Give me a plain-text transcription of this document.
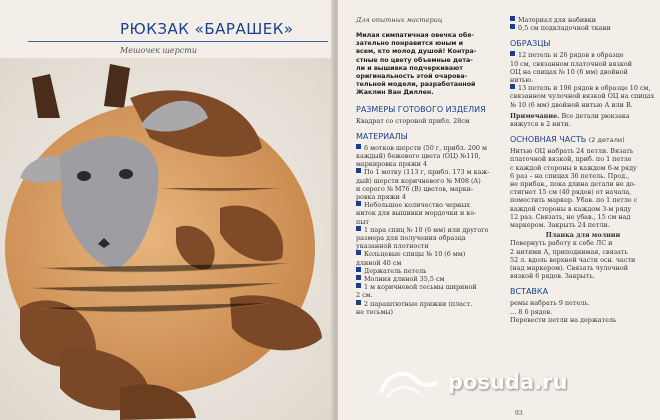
РЮКЗАК «БАРАШЕК»
Мешочек шерсти

Для опытных мастериц

Милая симпатичная овечка обя-

зательно понравится юным и

всем, кто молод душой! Контра-

стные по цвету объемные дета-

ли и вышивка подчеркивают

оригинальность этой очарова-

тельной модели, разработанной

Жаклин Ван Диллен.

РАЗМЕРЫ ГОТОВОГО ИЗДЕЛИЯ

Квадрат со стороной прибл. 28см

МАТЕРИАЛЫ

6 мотков шерсти (50 г, прибл. 200 м

каждый) бежевого цвета (ОЦ) №110,

маркировка пряжи 4

По 1 мотку (113 г, прибл. 173 м каж-

дый) шерсти коричневого № М08 (А)

и серого № М76 (В) цветов, марки-

ровка пряжи 4

Небольшое количество черных

ниток для вышивки мордочки и ко-

пыт

1 пара спиц № 10 (6 мм) или другого

размера для получения образца

указанной плотности

Кольцевые спицы № 10 (6 мм)

длиной 40 см

Держатель петель

Молния длиной 35,5 см

1 м коричневой тесьмы шириной

2 см.

2 параштютные пряжки (пласт.

не тесьмы)

Материал для набивки

0,5 см подкладочной ткани

ОБРАЗЦЫ

12 петель и 26 рядов в образце

10 см, связанном платочной вязкой

ОЦ на спицах № 10 (6 мм) двойной

нитью.

13 петель и 196 рядов в образце 10 см,

связанном чулочной вязкой ОЦ на спицах

№ 10 (6 мм) двойной нитью А или В.

Примечание. Все детали рюкзака

вяжутся в 2 нити.

ОСНОВНАЯ ЧАСТЬ (2 детали)

Нитью ОЦ набрать 24 петли. Вязать

платочной вязкой, приб. по 1 петле

с каждой стороны в каждом 6-м ряду

6 раз – на спицах 36 петель. Прод.,

не прибав., пока длина детали не до-

стигнет 15 см (40 рядов) от начала,

поместить маркер. Убав. по 1 петле с

каждой стороны в каждом 3-м ряду

12 раз. Связать, не убав., 15 см над

маркером. Закрыть 24 петли.

Планка для молнии

Повернуть работу к себе ЛС и

2 нитями А, приподнимая, связать

52 л. вдоль верхней части осн. части

(над маркером). Связать чулочной

вязкой 6 рядов. Закрыть.

ВСТАВКА

ремы набрать 9 петель.

… 8 6 рядов.

Перевести петли на держатель

posuda.ru
93
